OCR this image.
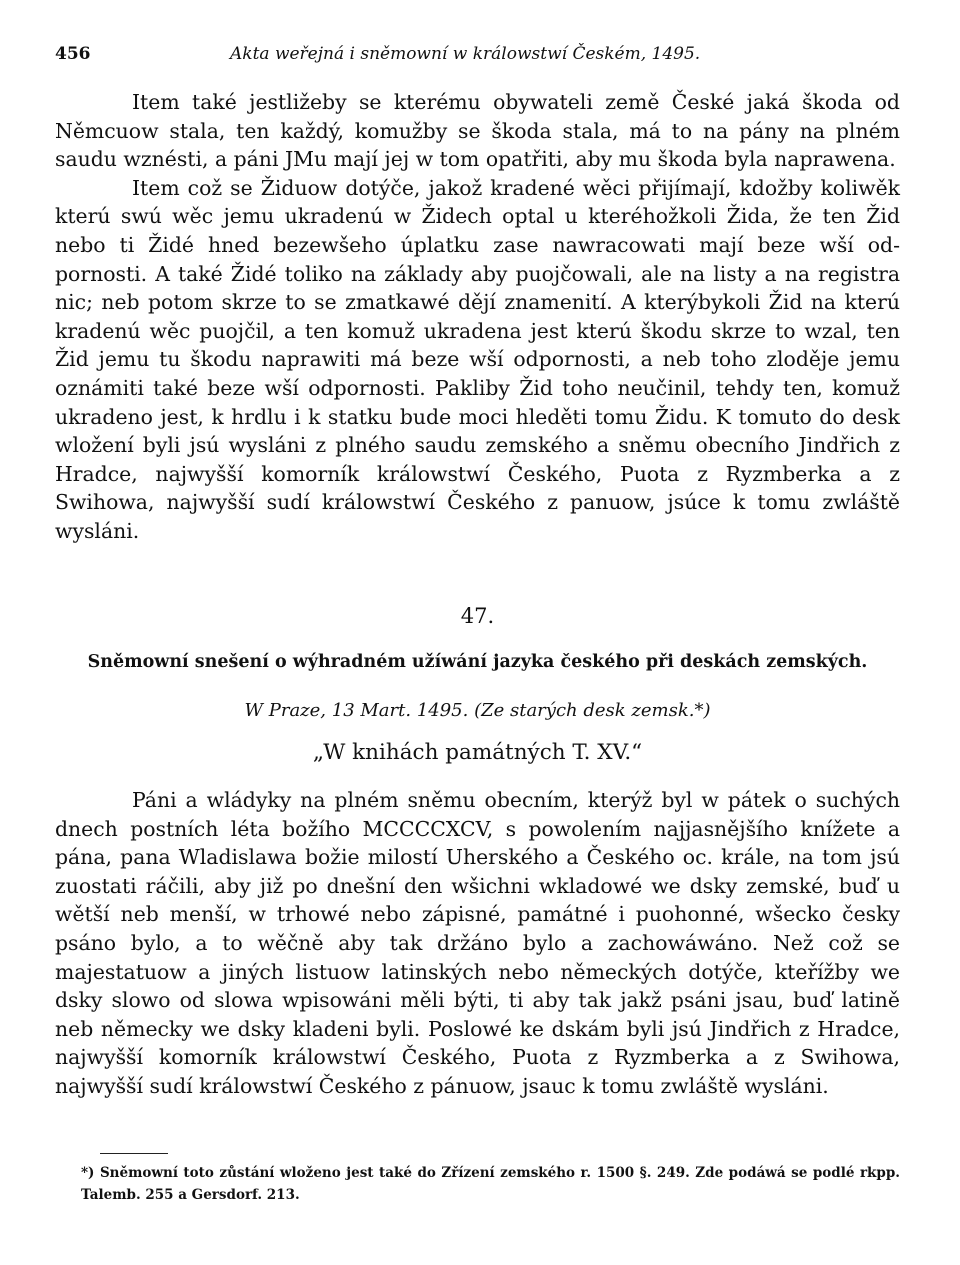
456	Akta weřejná i sněmowní w králowstwí Českém, 1495.

Item také jestližeby se kterému obywateli země České jaká škoda od Němcuow stala, ten každý, komužby se škoda stala, má to na pány na plném saudu wznésti, a páni JMu mají jej w tom opatřiti, aby mu škoda byla naprawena.

Item což se Židuow dotýče, jakož kradené wěci přijímají, kdožby koliwěk kterú swú wěc jemu ukradenú w Židech optal u kteréhožkoli Žida, že ten Žid nebo ti Židé hned bezewšeho úplatku zase nawracowati mají beze wší odpornosti. A také Židé toliko na základy aby puojčowali, ale na listy a na registra nic; neb potom skrze to se zmatkawé dějí znamenití. A kterýbykoli Žid na kterú kradenú wěc puojčil, a ten komuž ukradena jest kterú škodu skrze to wzal, ten Žid jemu tu škodu naprawiti má beze wší odpornosti, a neb toho zloděje jemu oznámiti také beze wší odpornosti. Pakliby Žid toho neučinil, tehdy ten, komuž ukradeno jest, k hrdlu i k statku bude moci hleděti tomu Židu. K tomuto do desk wložení byli jsú wysláni z plného saudu zemského a sněmu obecního Jindřich z Hradce, najwyšší komorník králowstwí Českého, Puota z Ryzmberka a z Swihowa, najwyšší sudí králowstwí Českého z panuow, jsúce k tomu zwláště wysláni.

47.
Sněmowní snešení o wýhradném užíwání jazyka českého při deskách zemských.
W Praze, 13 Mart. 1495. (Ze starých desk zemsk.*)
„W knihách památných T. XV.“

Páni a wládyky na plném sněmu obecním, kterýž byl w pátek o suchých dnech postních léta božího MCCCCXCV, s powolením najjasnějšího knížete a pána, pana Wladislawa božie milostí Uherského a Českého oc. krále, na tom jsú zuostati ráčili, aby již po dnešní den wšichni wkladowé we dsky zemské, buď u wětší neb menší, w trhowé nebo zápisné, památné i puohonné, wšecko česky psáno bylo, a to wěčně aby tak držáno bylo a zachowáwáno. Než což se majestatuow a jiných listuow latinských nebo německých dotýče, kteřížby we dsky slowo od slowa wpisowáni měli býti, ti aby tak jakž psáni jsau, buď latině neb německy we dsky kladeni byli. Poslowé ke dskám byli jsú Jindřich z Hradce, najwyšší komorník králowstwí Českého, Puota z Ryzmberka a z Swihowa, najwyšší sudí králowstwí Českého z pánuow, jsauc k tomu zwláště wysláni.

*) Sněmowní toto zůstání wloženo jest také do Zřízení zemského r. 1500 §. 249. Zde podáwá se podlé rkpp. Talemb. 255 a Gersdorf. 213.
